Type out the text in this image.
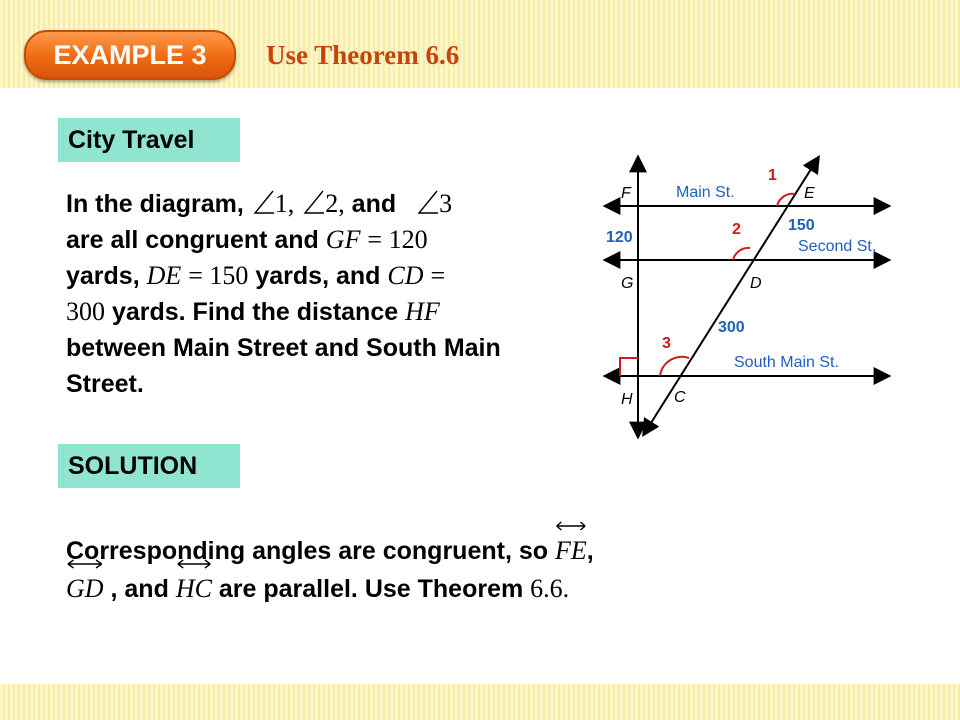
EXAMPLE 3	Use Theorem 6.6
City Travel
In the diagram, 1, 2, and 3
are all congruent and GF = 120
yards, DE = 150 yards, and CD =
300 yards. Find the distance HF between Main Street and South Main Street.
F
G
H
E
D
C
Main St.
Second St.
South Main St.
1
2
3
120
150
300
SOLUTION
Corresponding angles are congruent, so FE,

GD , and HC are parallel. Use Theorem 6.6.
